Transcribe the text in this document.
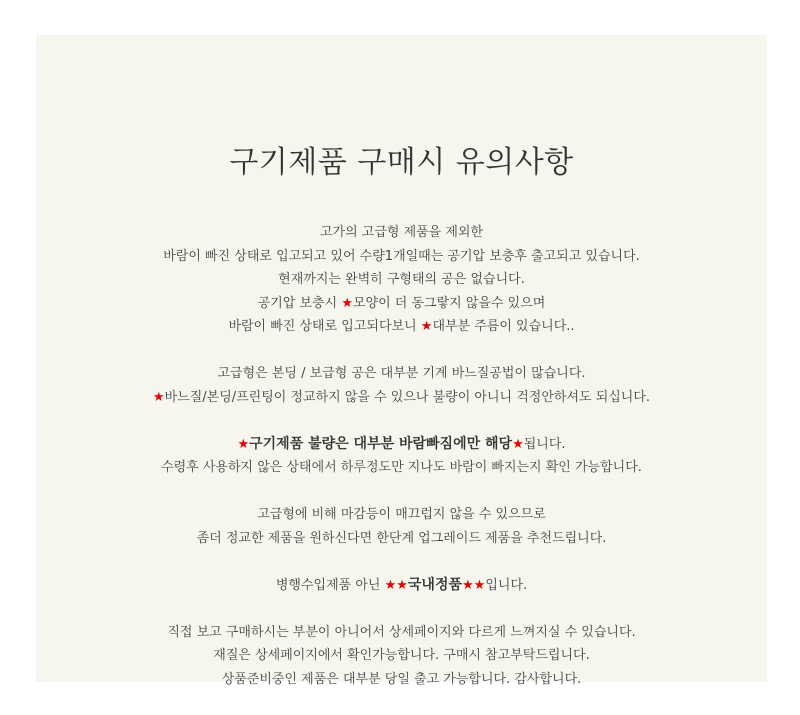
구기제품 구매시 유의사항

고가의 고급형 제품을 제외한
바람이 빠진 상태로 입고되고 있어 수량1개일때는 공기압 보충후 출고되고 있습니다.
현재까지는 완벽히 구형태의 공은 없습니다.
공기압 보충시 ★모양이 더 동그랗지 않을수 있으며
바람이 빠진 상태로 입고되다보니 ★대부분 주름이 있습니다..

고급형은 본딩 / 보급형 공은 대부분 기계 바느질공법이 많습니다.
★바느질/본딩/프린팅이 정교하지 않을 수 있으나 불량이 아니니 걱정안하셔도 되십니다.

★구기제품 불량은 대부분 바람빠짐에만 해당★됩니다.
수령후 사용하지 않은 상태에서 하루정도만 지나도 바람이 빠지는지 확인 가능합니다.

고급형에 비해 마감등이 매끄럽지 않을 수 있으므로
좀더 정교한 제품을 원하신다면 한단계 업그레이드 제품을 추천드립니다.

병행수입제품 아닌 ★★국내정품★★입니다.

직접 보고 구매하시는 부분이 아니어서 상세페이지와 다르게 느껴지실 수 있습니다.
재질은 상세페이지에서 확인가능합니다. 구매시 참고부탁드립니다.
상품준비중인 제품은 대부분 당일 출고 가능합니다. 감사합니다.
